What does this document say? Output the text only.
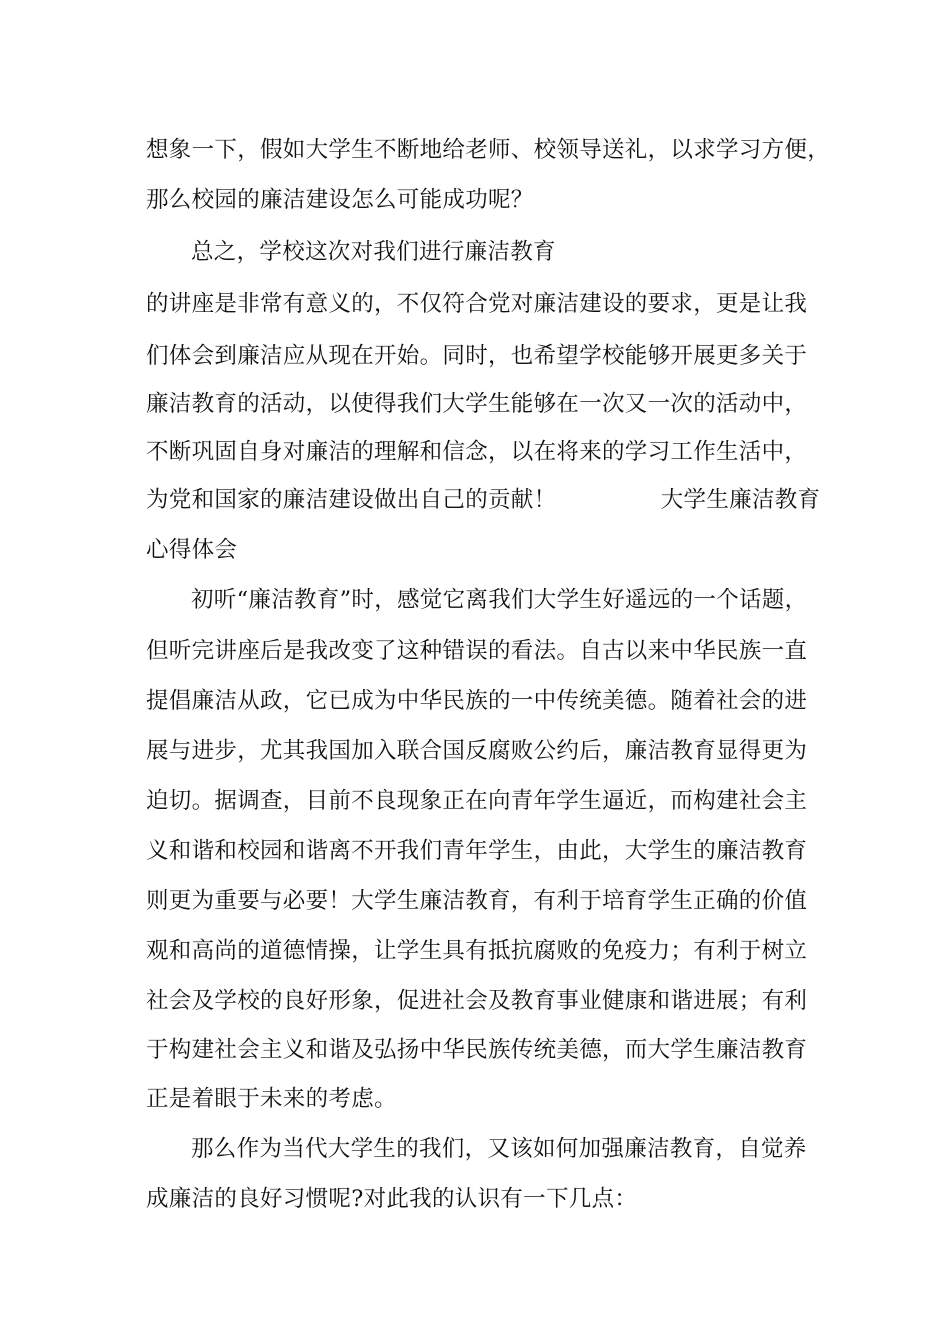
想象一下，假如大学生不断地给老师、校领导送礼，以求学习方便，
那么校园的廉洁建设怎么可能成功呢？
总之，学校这次对我们进行廉洁教育
的讲座是非常有意义的，不仅符合党对廉洁建设的要求，更是让我
们体会到廉洁应从现在开始。同时，也希望学校能够开展更多关于
廉洁教育的活动，以使得我们大学生能够在一次又一次的活动中，
不断巩固自身对廉洁的理解和信念，以在将来的学习工作生活中，
为党和国家的廉洁建设做出自己的贡献！              大学生廉洁教育
心得体会
初听“廉洁教育”时，感觉它离我们大学生好遥远的一个话题，
但听完讲座后是我改变了这种错误的看法。自古以来中华民族一直
提倡廉洁从政，它已成为中华民族的一中传统美德。随着社会的进
展与进步，尤其我国加入联合国反腐败公约后，廉洁教育显得更为
迫切。据调查，目前不良现象正在向青年学生逼近，而构建社会主
义和谐和校园和谐离不开我们青年学生，由此，大学生的廉洁教育
则更为重要与必要！大学生廉洁教育，有利于培育学生正确的价值
观和高尚的道德情操，让学生具有抵抗腐败的免疫力；有利于树立
社会及学校的良好形象，促进社会及教育事业健康和谐进展；有利
于构建社会主义和谐及弘扬中华民族传统美德，而大学生廉洁教育
正是着眼于未来的考虑。
那么作为当代大学生的我们，又该如何加强廉洁教育，自觉养
成廉洁的良好习惯呢?对此我的认识有一下几点：
